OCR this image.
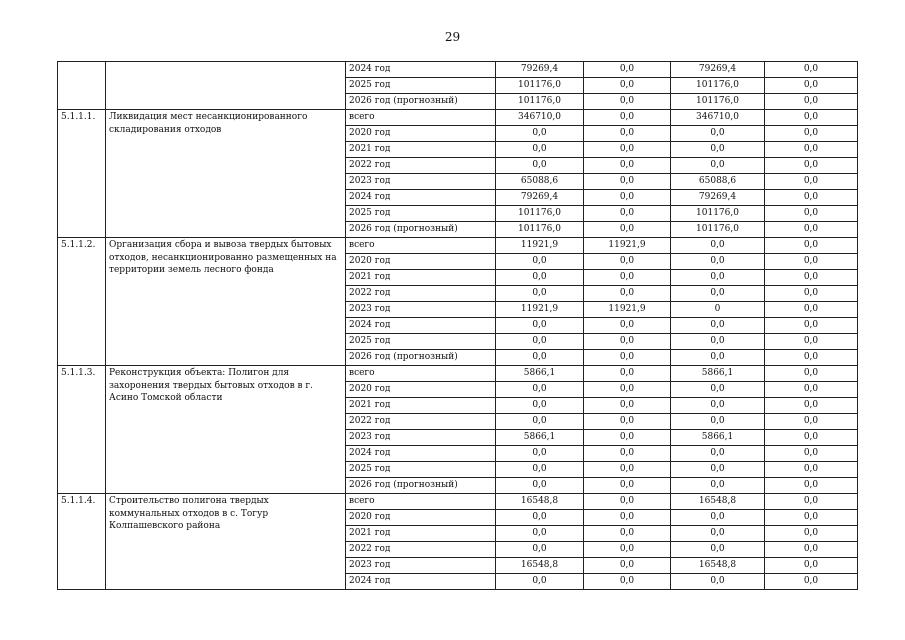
29
		2024 год	79269,4	0,0	79269,4	0,0
		2025 год	101176,0	0,0	101176,0	0,0
		2026 год (прогнозный)	101176,0	0,0	101176,0	0,0
5.1.1.1.	Ликвидация мест несанкционированного складирования отходов	всего	346710,0	0,0	346710,0	0,0
		2020 год	0,0	0,0	0,0	0,0
		2021 год	0,0	0,0	0,0	0,0
		2022 год	0,0	0,0	0,0	0,0
		2023 год	65088,6	0,0	65088,6	0,0
		2024 год	79269,4	0,0	79269,4	0,0
		2025 год	101176,0	0,0	101176,0	0,0
		2026 год (прогнозный)	101176,0	0,0	101176,0	0,0
5.1.1.2.	Организация сбора и вывоза твердых бытовых отходов, несанкционированно размещенных на территории земель лесного фонда	всего	11921,9	11921,9	0,0	0,0
		2020 год	0,0	0,0	0,0	0,0
		2021 год	0,0	0,0	0,0	0,0
		2022 год	0,0	0,0	0,0	0,0
		2023 год	11921,9	11921,9	0	0,0
		2024 год	0,0	0,0	0,0	0,0
		2025 год	0,0	0,0	0,0	0,0
		2026 год (прогнозный)	0,0	0,0	0,0	0,0
5.1.1.3.	Реконструкция объекта: Полигон для захоронения твердых бытовых отходов в г. Асино Томской области	всего	5866,1	0,0	5866,1	0,0
		2020 год	0,0	0,0	0,0	0,0
		2021 год	0,0	0,0	0,0	0,0
		2022 год	0,0	0,0	0,0	0,0
		2023 год	5866,1	0,0	5866,1	0,0
		2024 год	0,0	0,0	0,0	0,0
		2025 год	0,0	0,0	0,0	0,0
		2026 год (прогнозный)	0,0	0,0	0,0	0,0
5.1.1.4.	Строительство полигона твердых коммунальных отходов в с. Тогур Колпашевского района	всего	16548,8	0,0	16548,8	0,0
		2020 год	0,0	0,0	0,0	0,0
		2021 год	0,0	0,0	0,0	0,0
		2022 год	0,0	0,0	0,0	0,0
		2023 год	16548,8	0,0	16548,8	0,0
		2024 год	0,0	0,0	0,0	0,0
